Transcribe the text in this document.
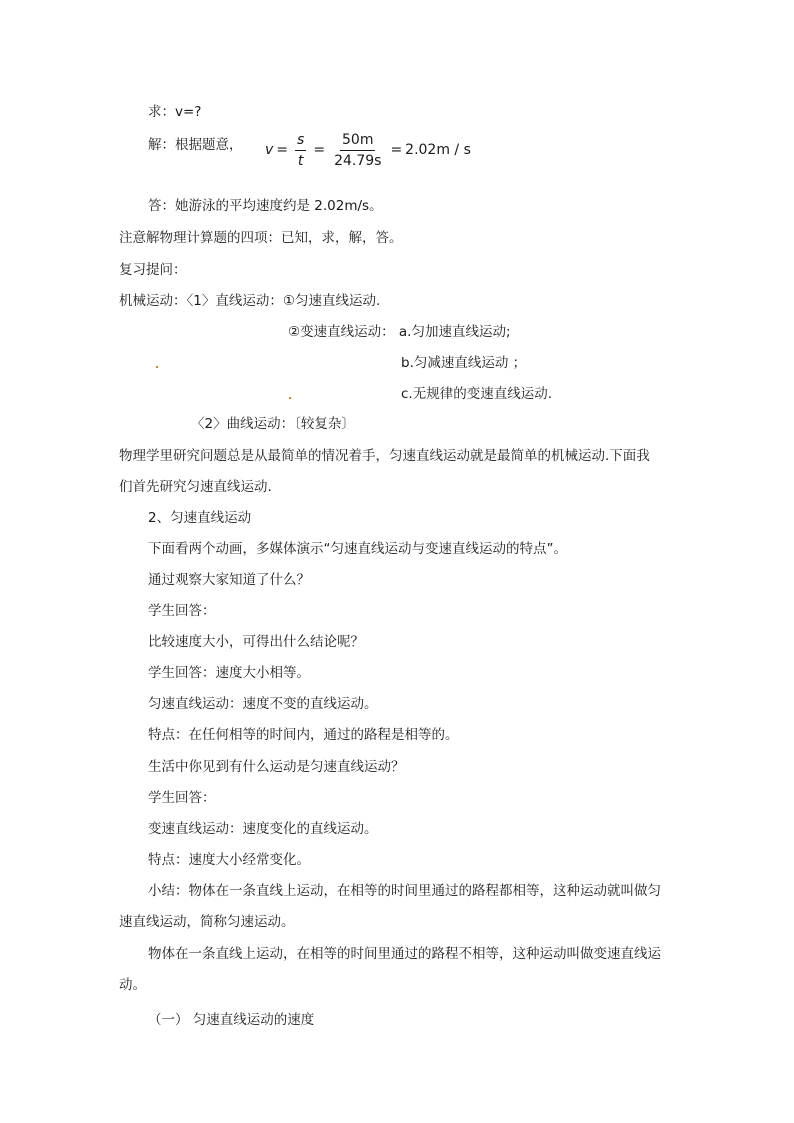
求：v=?
解：根据题意， $v = \frac{s}{t} = \frac{50m}{24.79s} = 2.02m / s$
答：她游泳的平均速度约是 2.02m/s。
注意解物理计算题的四项：已知，求，解，答。
复习提问：
机械运动：〈1〉直线运动：①匀速直线运动.
②变速直线运动： a.匀加速直线运动;
b.匀减速直线运动 ；
c.无规律的变速直线运动.
〈2〉曲线运动：〔较复杂〕
物理学里研究问题总是从最简单的情况着手，匀速直线运动就是最简单的机械运动.下面我
们首先研究匀速直线运动.
2、匀速直线运动
下面看两个动画，多媒体演示“匀速直线运动与变速直线运动的特点”。
通过观察大家知道了什么？
学生回答：
比较速度大小，可得出什么结论呢？
学生回答：速度大小相等。
匀速直线运动：速度不变的直线运动。
特点：在任何相等的时间内，通过的路程是相等的。
生活中你见到有什么运动是匀速直线运动？
学生回答：
变速直线运动：速度变化的直线运动。
特点：速度大小经常变化。
小结：物体在一条直线上运动，在相等的时间里通过的路程都相等，这种运动就叫做匀
速直线运动，简称匀速运动。
物体在一条直线上运动，在相等的时间里通过的路程不相等，这种运动叫做变速直线运
动。
（一） 匀速直线运动的速度
